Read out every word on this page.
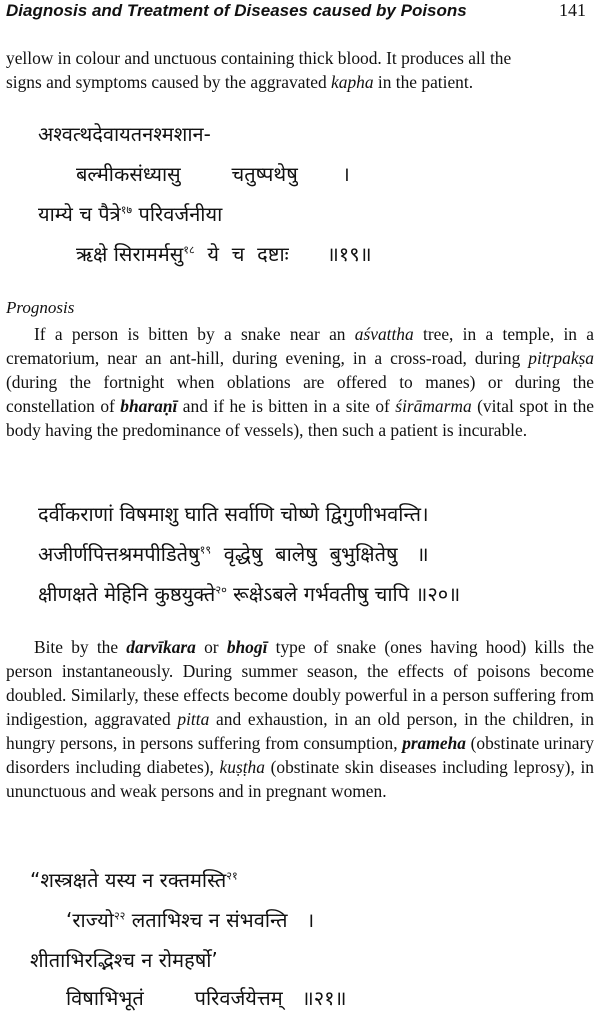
Diagnosis and Treatment of Diseases caused by Poisons	141
yellow in colour and unctuous containing thick blood. It produces all the
signs and symptoms caused by the aggravated kapha in the patient.
अश्वत्थदेवायतनश्मशान-
बल्मीकसंध्यासु        चतुष्पथेषु       ।
याम्ये च पैत्रे$^{१७}$ परिवर्जनीया
ऋक्षे सिरामर्मसु$^{१८}$  ये  च  दष्टाः      ॥१९॥
Prognosis
If a person is bitten by a snake near an aśvattha tree, in a temple, in a crematorium, near an ant-hill, during evening, in a cross-road, during pitṛpakṣa (during the fortnight when oblations are offered to manes) or during the constellation of bharaṇī and if he is bitten in a site of śirāmarma (vital spot in the body having the predominance of vessels), then such a patient is incurable.
दर्वीकराणां विषमाशु घाति सर्वाणि चोष्णे द्विगुणीभवन्ति।
अजीर्णपित्तश्रमपीडितेषु$^{१९}$  वृद्धेषु  बालेषु  बुभुक्षितेषु   ॥
क्षीणक्षते मेहिनि कुष्ठयुक्ते$^{२०}$ रूक्षेऽबले गर्भवतीषु चापि ॥२०॥
Bite by the darvīkara or bhogī type of snake (ones having hood) kills the person instantaneously. During summer season, the effects of poisons become doubled. Similarly, these effects become doubly powerful in a person suffering from indigestion, aggravated pitta and exhaustion, in an old person, in the children, in hungry persons, in persons suffering from consumption, prameha (obstinate urinary disorders including diabetes), kuṣṭha (obstinate skin diseases including leprosy), in ununctuous and weak persons and in pregnant women.
“शस्त्रक्षते यस्य न रक्तमस्ति$^{२१}$
‘राज्यो$^{२२}$ लताभिश्च न संभवन्ति   ।
शीताभिरद्भिश्च न रोमहर्षो’
विषाभिभूतं        परिवर्जयेत्तम्   ॥२१॥
